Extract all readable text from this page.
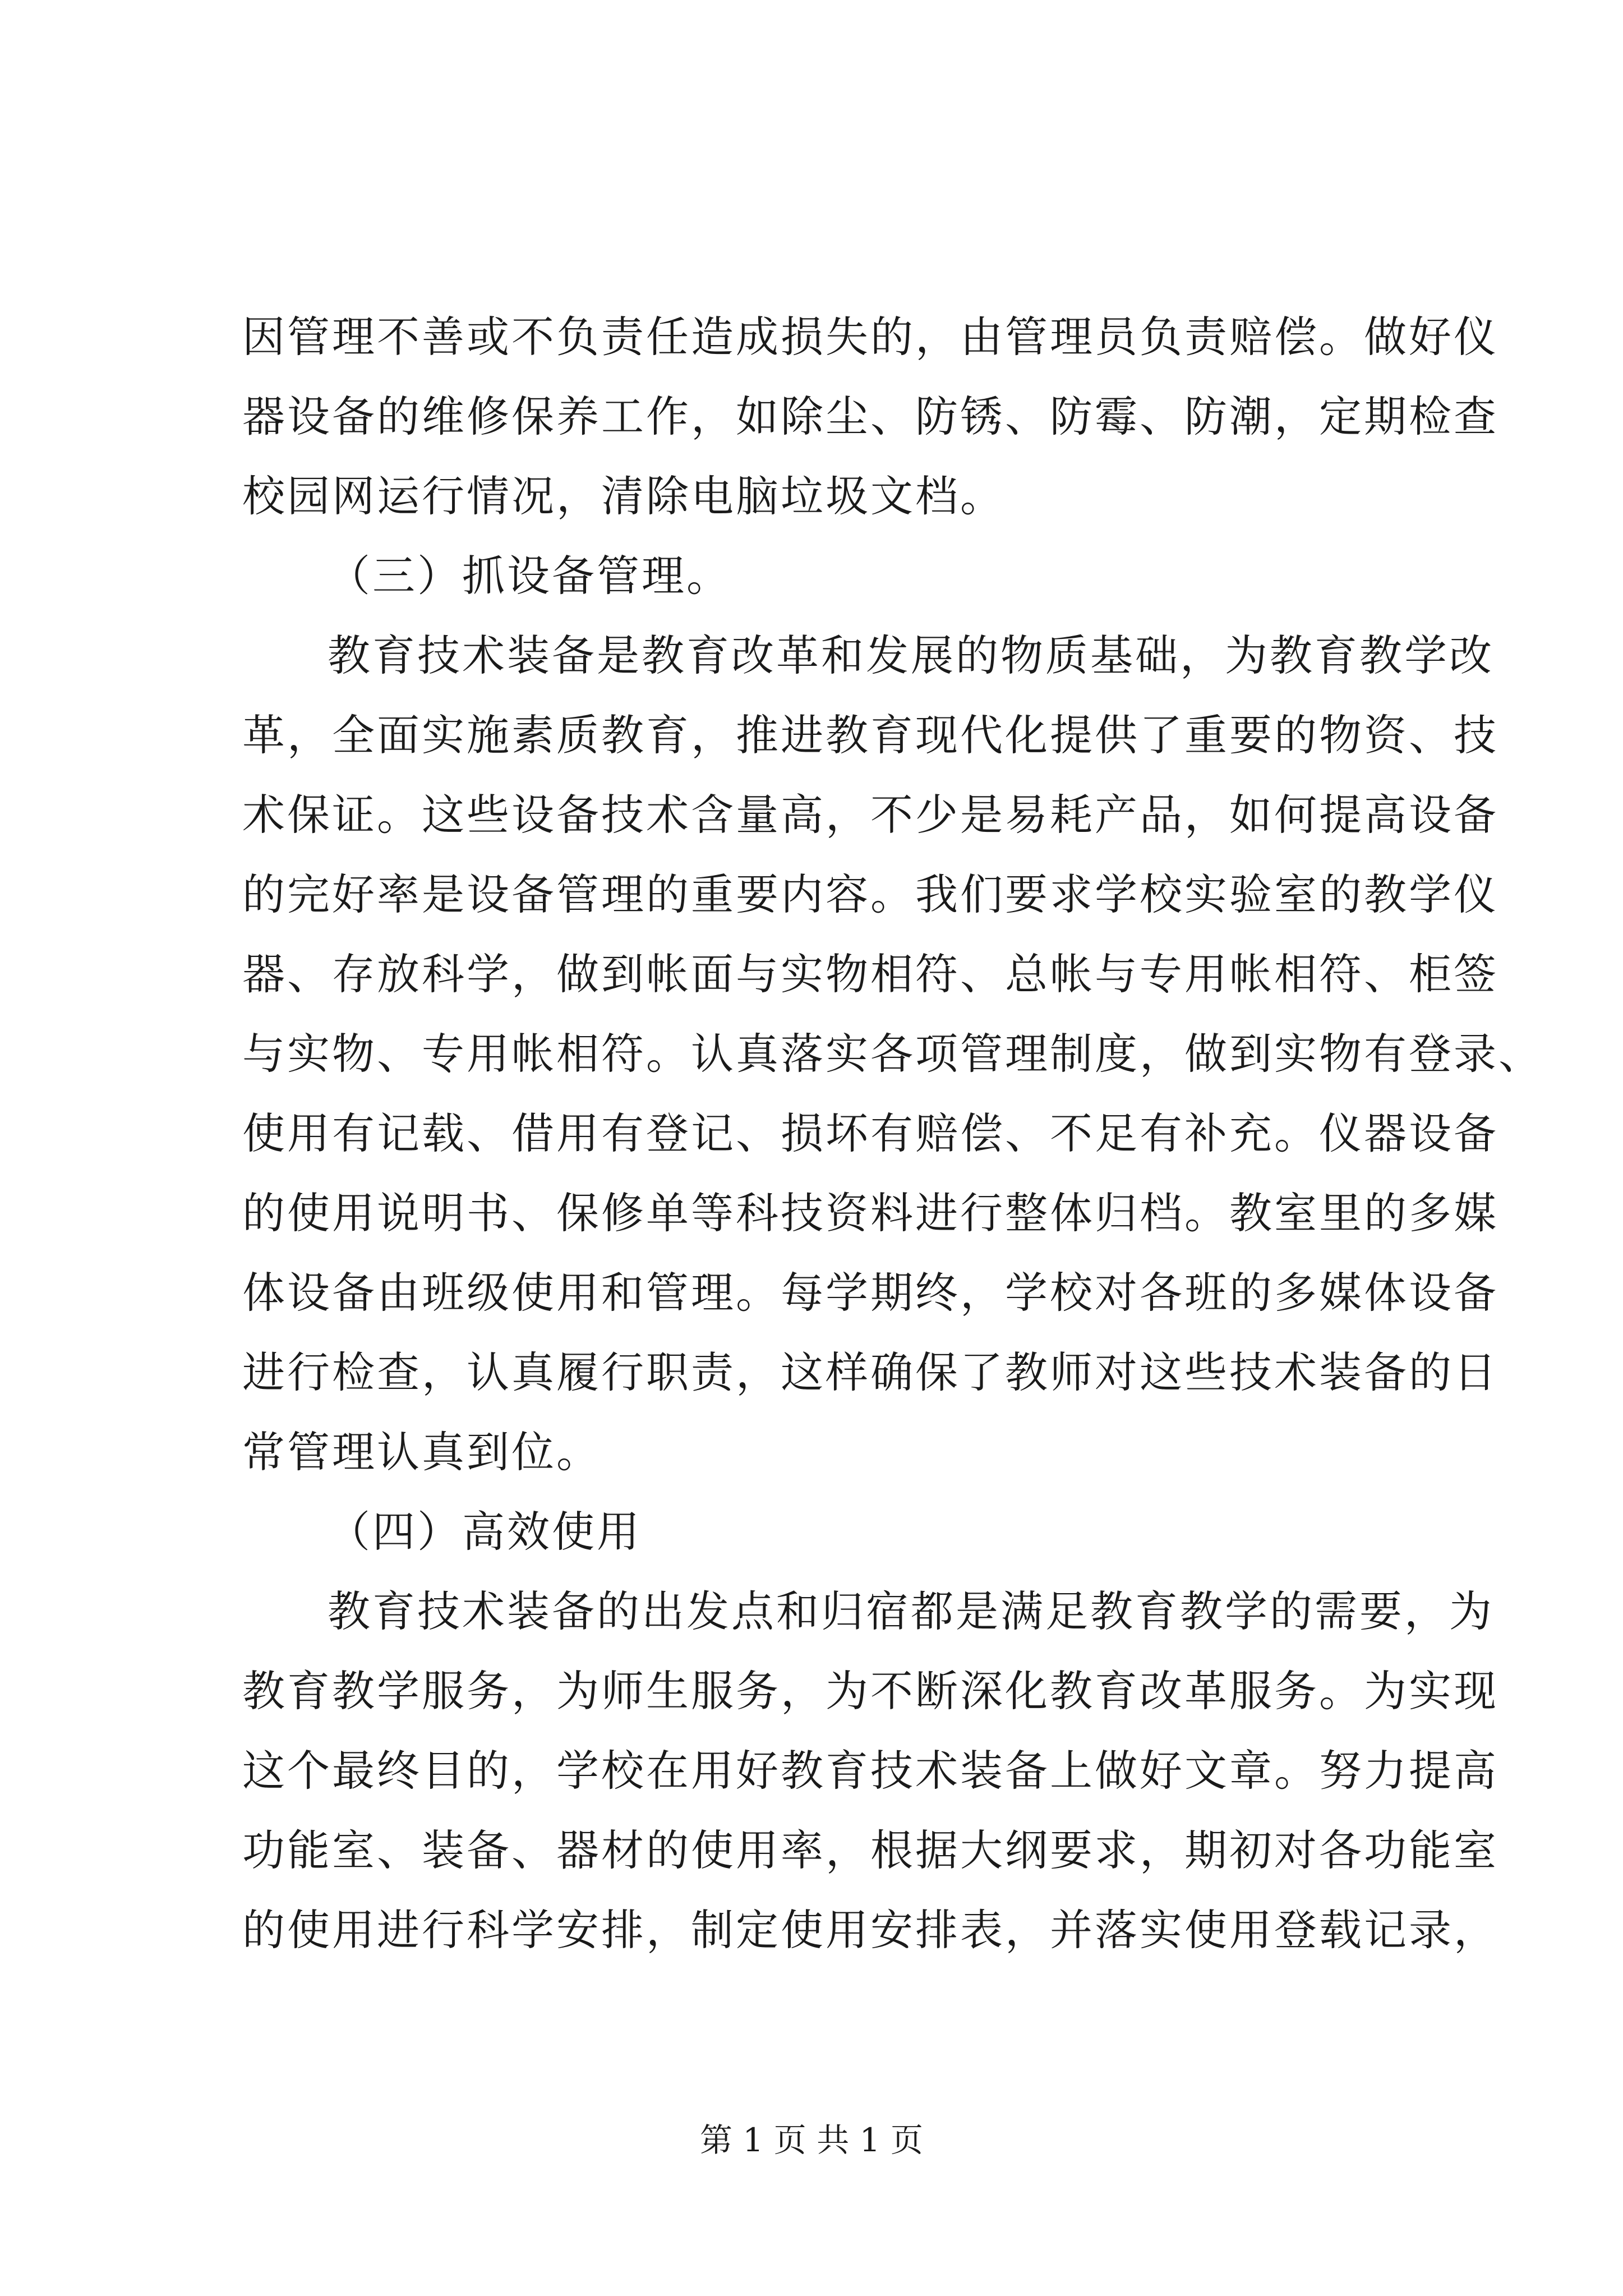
因管理不善或不负责任造成损失的，由管理员负责赔偿。做好仪
器设备的维修保养工作，如除尘、防锈、防霉、防潮，定期检查
校园网运行情况，清除电脑垃圾文档。
（三）抓设备管理。
教育技术装备是教育改革和发展的物质基础，为教育教学改
革，全面实施素质教育，推进教育现代化提供了重要的物资、技
术保证。这些设备技术含量高，不少是易耗产品，如何提高设备
的完好率是设备管理的重要内容。我们要求学校实验室的教学仪
器、存放科学，做到帐面与实物相符、总帐与专用帐相符、柜签
与实物、专用帐相符。认真落实各项管理制度，做到实物有登录、
使用有记载、借用有登记、损坏有赔偿、不足有补充。仪器设备
的使用说明书、保修单等科技资料进行整体归档。教室里的多媒
体设备由班级使用和管理。每学期终，学校对各班的多媒体设备
进行检查，认真履行职责，这样确保了教师对这些技术装备的日
常管理认真到位。
（四）高效使用
教育技术装备的出发点和归宿都是满足教育教学的需要，为
教育教学服务，为师生服务，为不断深化教育改革服务。为实现
这个最终目的，学校在用好教育技术装备上做好文章。努力提高
功能室、装备、器材的使用率，根据大纲要求，期初对各功能室
的使用进行科学安排，制定使用安排表，并落实使用登载记录，
第 1 页 共 1 页
